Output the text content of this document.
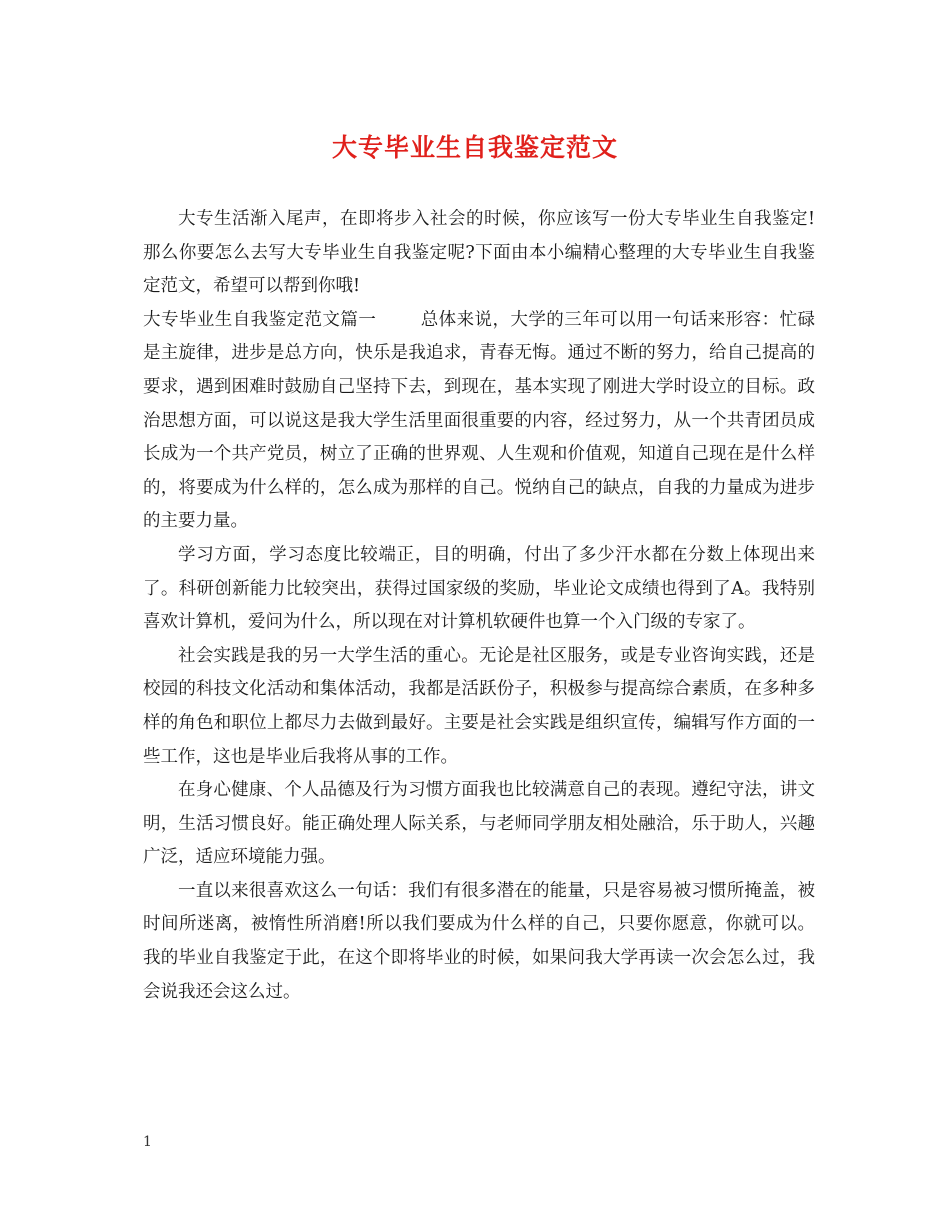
大专毕业生自我鉴定范文

大专生活渐入尾声，在即将步入社会的时候，你应该写一份大专毕业生自我鉴定!那么你要怎么去写大专毕业生自我鉴定呢?下面由本小编精心整理的大专毕业生自我鉴定范文，希望可以帮到你哦!

大专毕业生自我鉴定范文篇一	总体来说，大学的三年可以用一句话来形容：忙碌是主旋律，进步是总方向，快乐是我追求，青春无悔。通过不断的努力，给自己提高的要求，遇到困难时鼓励自己坚持下去，到现在，基本实现了刚进大学时设立的目标。政治思想方面，可以说这是我大学生活里面很重要的内容，经过努力，从一个共青团员成长成为一个共产党员，树立了正确的世界观、人生观和价值观，知道自己现在是什么样的，将要成为什么样的，怎么成为那样的自己。悦纳自己的缺点，自我的力量成为进步的主要力量。

学习方面，学习态度比较端正，目的明确，付出了多少汗水都在分数上体现出来了。科研创新能力比较突出，获得过国家级的奖励，毕业论文成绩也得到了A。我特别喜欢计算机，爱问为什么，所以现在对计算机软硬件也算一个入门级的专家了。

社会实践是我的另一大学生活的重心。无论是社区服务，或是专业咨询实践，还是校园的科技文化活动和集体活动，我都是活跃份子，积极参与提高综合素质，在多种多样的角色和职位上都尽力去做到最好。主要是社会实践是组织宣传，编辑写作方面的一些工作，这也是毕业后我将从事的工作。

在身心健康、个人品德及行为习惯方面我也比较满意自己的表现。遵纪守法，讲文明，生活习惯良好。能正确处理人际关系，与老师同学朋友相处融洽，乐于助人，兴趣广泛，适应环境能力强。

一直以来很喜欢这么一句话：我们有很多潜在的能量，只是容易被习惯所掩盖，被时间所迷离，被惰性所消磨!所以我们要成为什么样的自己，只要你愿意，你就可以。我的毕业自我鉴定于此，在这个即将毕业的时候，如果问我大学再读一次会怎么过，我会说我还会这么过。

1
